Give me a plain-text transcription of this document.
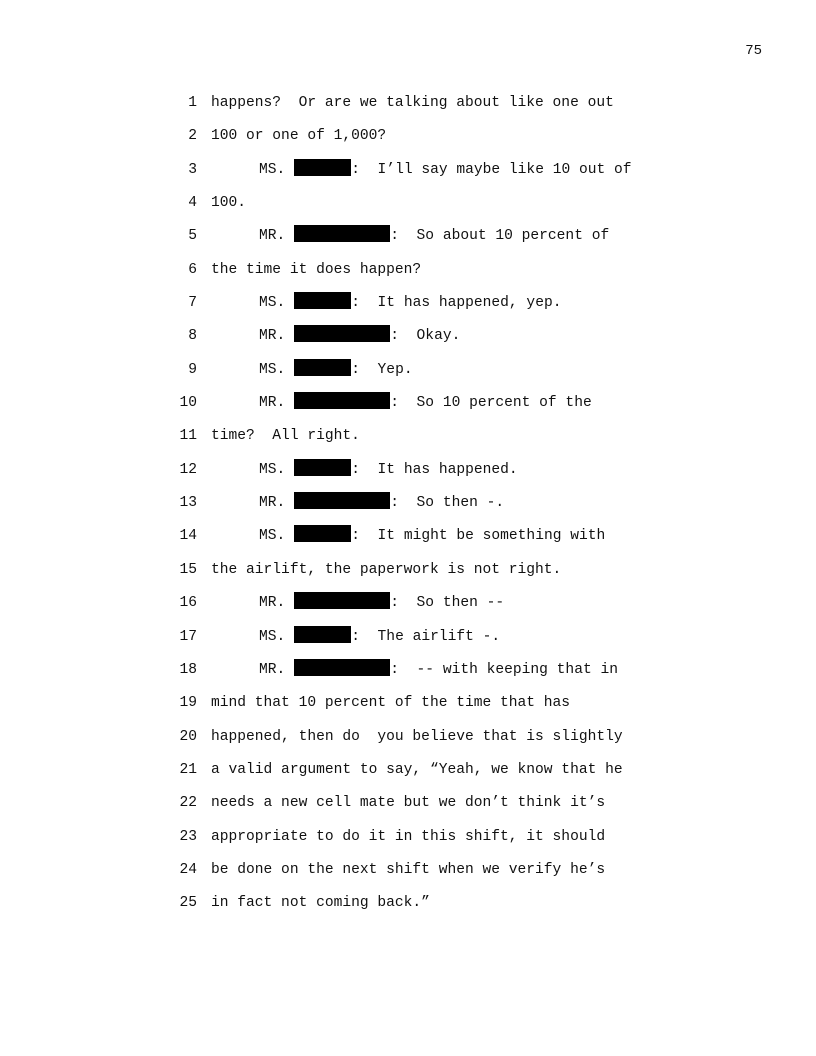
75
1 happens?  Or are we talking about like one out
2 100 or one of 1,000?
3	MS.	:  I’ll say maybe like 10 out of
4 100.
5	MR.	:  So about 10 percent of
6 the time it does happen?
7	MS.	:  It has happened, yep.
8	MR.	:  Okay.
9	MS.	:  Yep.
10	MR.	:  So 10 percent of the
11 time?  All right.
12	MS.	:  It has happened.
13	MR.	:  So then -.
14	MS.	:  It might be something with
15 the airlift, the paperwork is not right.
16	MR.	:  So then --
17	MS.	:  The airlift -.
18	MR.	:  -- with keeping that in
19 mind that 10 percent of the time that has
20 happened, then do  you believe that is slightly
21 a valid argument to say, “Yeah, we know that he
22 needs a new cell mate but we don’t think it’s
23 appropriate to do it in this shift, it should
24 be done on the next shift when we verify he’s
25 in fact not coming back.”
